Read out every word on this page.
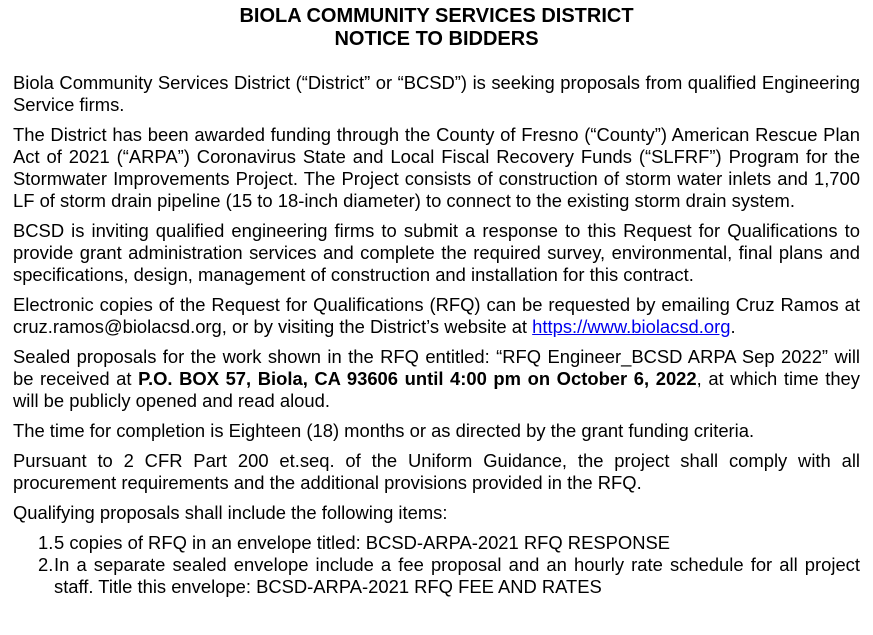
BIOLA COMMUNITY SERVICES DISTRICT
NOTICE TO BIDDERS

Biola Community Services District (“District” or “BCSD”) is seeking proposals from qualified Engineering Service firms.

The District has been awarded funding through the County of Fresno (“County”) American Rescue Plan Act of 2021 (“ARPA”) Coronavirus State and Local Fiscal Recovery Funds (“SLFRF”) Program for the Stormwater Improvements Project. The Project consists of construction of storm water inlets and 1,700 LF of storm drain pipeline (15 to 18-inch diameter) to connect to the existing storm drain system.

BCSD is inviting qualified engineering firms to submit a response to this Request for Qualifications to provide grant administration services and complete the required survey, environmental, final plans and specifications, design, management of construction and installation for this contract.

Electronic copies of the Request for Qualifications (RFQ) can be requested by emailing Cruz Ramos at cruz.ramos@biolacsd.org, or by visiting the District’s website at https://www.biolacsd.org.

Sealed proposals for the work shown in the RFQ entitled: “RFQ Engineer_BCSD ARPA Sep 2022” will be received at P.O. BOX 57, Biola, CA 93606 until 4:00 pm on October 6, 2022, at which time they will be publicly opened and read aloud.

The time for completion is Eighteen (18) months or as directed by the grant funding criteria.

Pursuant to 2 CFR Part 200 et.seq. of the Uniform Guidance, the project shall comply with all procurement requirements and the additional provisions provided in the RFQ.

Qualifying proposals shall include the following items:

1. 5 copies of RFQ in an envelope titled: BCSD-ARPA-2021 RFQ RESPONSE
2. In a separate sealed envelope include a fee proposal and an hourly rate schedule for all project staff. Title this envelope: BCSD-ARPA-2021 RFQ FEE AND RATES
